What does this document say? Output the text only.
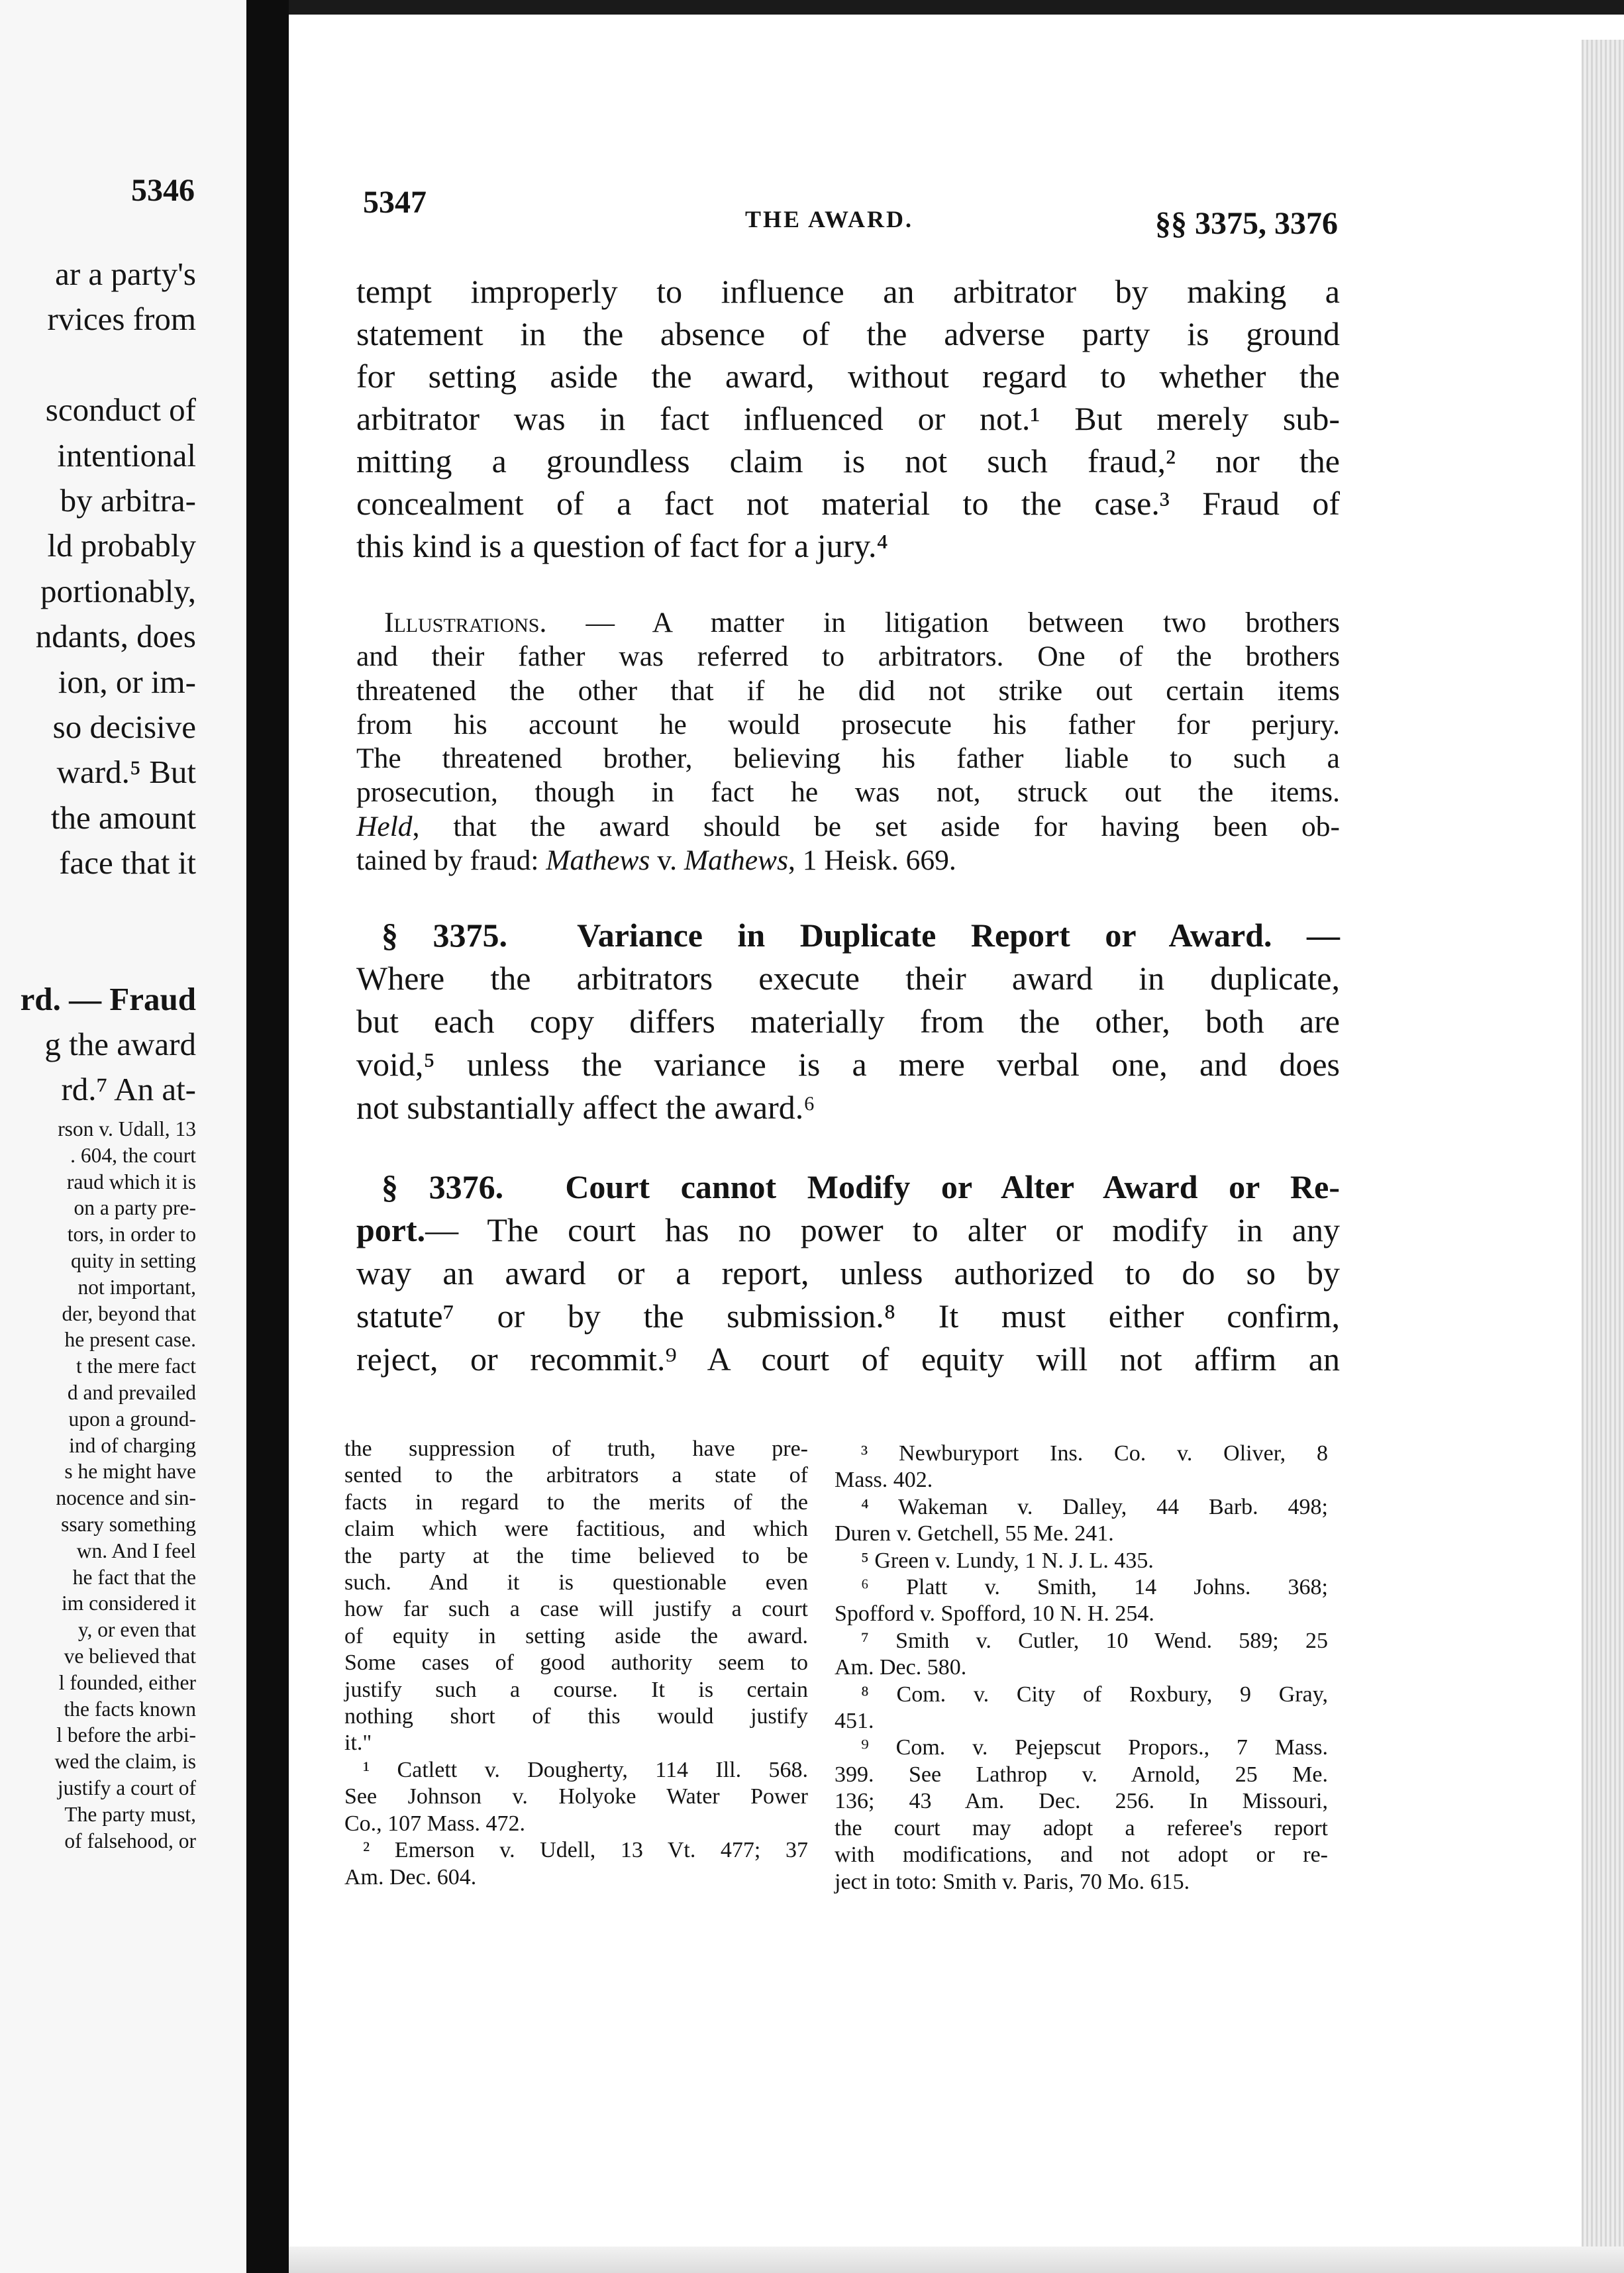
5346
ar a party's
rvices from

sconduct of
intentional
by arbitra-
ld probably
portionably,
ndants, does
ion, or im-
so decisive
ward.⁵ But
the amount
face that it

rd. — Fraud
g the award
rd.⁷ An at-
rson v. Udall, 13
. 604, the court
raud which it is
on a party pre-
tors, in order to
quity in setting
not important,
der, beyond that
he present case.
t the mere fact
d and prevailed
upon a ground-
ind of charging
s he might have
nocence and sin-
ssary something
wn. And I feel
he fact that the
im considered it
y, or even that
ve believed that
l founded, either
the facts known
l before the arbi-
wed the claim, is
justify a court of
The party must,
of falsehood, or
5347	THE AWARD.	§§ 3375, 3376
tempt improperly to influence an arbitrator by making a
statement in the absence of the adverse party is ground
for setting aside the award, without regard to whether the
arbitrator was in fact influenced or not.¹ But merely sub-
mitting a groundless claim is not such fraud,² nor the
concealment of a fact not material to the case.³ Fraud of
this kind is a question of fact for a jury.⁴
Illustrations. — A matter in litigation between two brothers
and their father was referred to arbitrators. One of the brothers
threatened the other that if he did not strike out certain items
from his account he would prosecute his father for perjury.
The threatened brother, believing his father liable to such a
prosecution, though in fact he was not, struck out the items.
Held, that the award should be set aside for having been ob-
tained by fraud: Mathews v. Mathews, 1 Heisk. 669.
§ 3375. Variance in Duplicate Report or Award. —
Where the arbitrators execute their award in duplicate,
but each copy differs materially from the other, both are
void,⁵ unless the variance is a mere verbal one, and does
not substantially affect the award.⁶
§ 3376. Court cannot Modify or Alter Award or Re-
port.— The court has no power to alter or modify in any
way an award or a report, unless authorized to do so by
statute⁷ or by the submission.⁸ It must either confirm,
reject, or recommit.⁹ A court of equity will not affirm an
the suppression of truth, have pre-
sented to the arbitrators a state of
facts in regard to the merits of the
claim which were factitious, and which
the party at the time believed to be
such. And it is questionable even
how far such a case will justify a court
of equity in setting aside the award.
Some cases of good authority seem to
justify such a course. It is certain
nothing short of this would justify
it."
¹ Catlett v. Dougherty, 114 Ill. 568.
See Johnson v. Holyoke Water Power
Co., 107 Mass. 472.
² Emerson v. Udell, 13 Vt. 477; 37
Am. Dec. 604.
³ Newburyport Ins. Co. v. Oliver, 8
Mass. 402.
⁴ Wakeman v. Dalley, 44 Barb. 498;
Duren v. Getchell, 55 Me. 241.
⁵ Green v. Lundy, 1 N. J. L. 435.
⁶ Platt v. Smith, 14 Johns. 368;
Spofford v. Spofford, 10 N. H. 254.
⁷ Smith v. Cutler, 10 Wend. 589; 25
Am. Dec. 580.
⁸ Com. v. City of Roxbury, 9 Gray,
451.
⁹ Com. v. Pejepscut Propors., 7 Mass.
399. See Lathrop v. Arnold, 25 Me.
136; 43 Am. Dec. 256. In Missouri,
the court may adopt a referee's report
with modifications, and not adopt or re-
ject in toto: Smith v. Paris, 70 Mo. 615.
